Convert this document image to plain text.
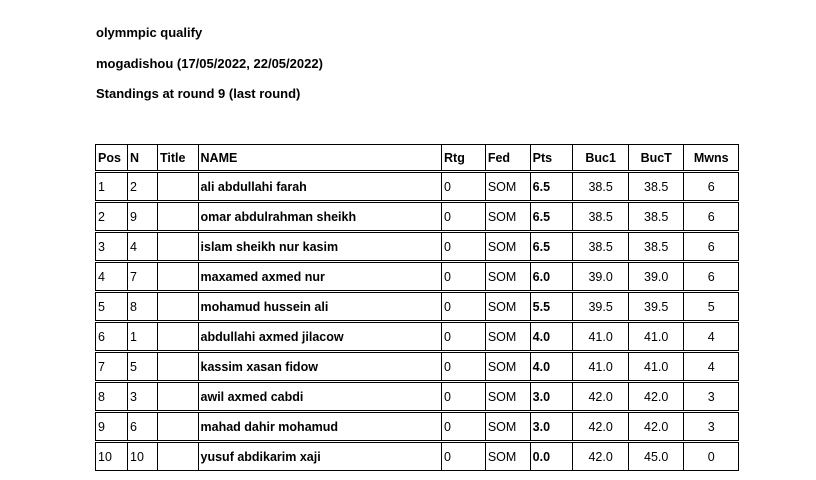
olymmpic qualify
mogadishou (17/05/2022, 22/05/2022)
Standings at round 9 (last round)
Pos	N	Title	NAME	Rtg	Fed	Pts	Buc1	BucT	Mwns
1	2		ali abdullahi farah	0	SOM	6.5	38.5	38.5	6
2	9		omar abdulrahman sheikh	0	SOM	6.5	38.5	38.5	6
3	4		islam sheikh nur kasim	0	SOM	6.5	38.5	38.5	6
4	7		maxamed axmed nur	0	SOM	6.0	39.0	39.0	6
5	8		mohamud hussein ali	0	SOM	5.5	39.5	39.5	5
6	1		abdullahi axmed jilacow	0	SOM	4.0	41.0	41.0	4
7	5		kassim xasan fidow	0	SOM	4.0	41.0	41.0	4
8	3		awil axmed cabdi	0	SOM	3.0	42.0	42.0	3
9	6		mahad dahir mohamud	0	SOM	3.0	42.0	42.0	3
10	10		yusuf abdikarim xaji	0	SOM	0.0	42.0	45.0	0
